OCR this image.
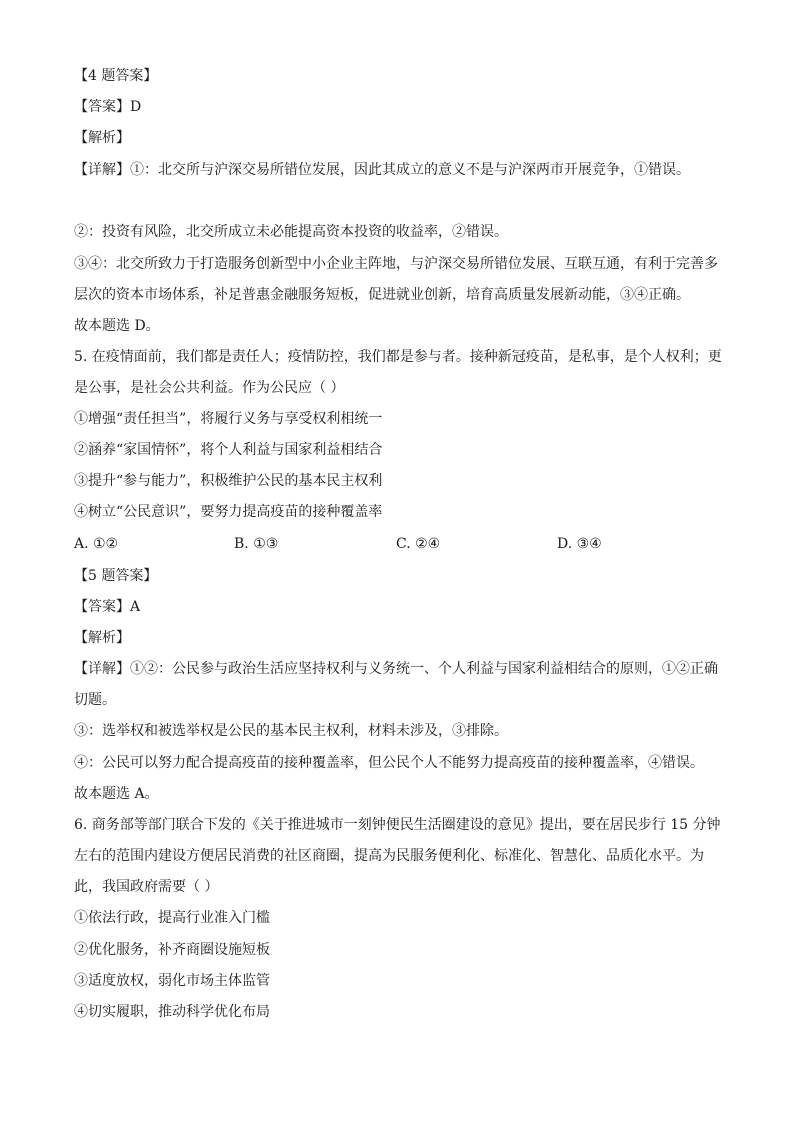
【4 题答案】
【答案】D
【解析】
【详解】①：北交所与沪深交易所错位发展，因此其成立的意义不是与沪深两市开展竞争，①错误。
②：投资有风险，北交所成立未必能提高资本投资的收益率，②错误。
③④：北交所致力于打造服务创新型中小企业主阵地，与沪深交易所错位发展、互联互通，有利于完善多
层次的资本市场体系，补足普惠金融服务短板，促进就业创新，培育高质量发展新动能，③④正确。
故本题选 D。
5. 在疫情面前，我们都是责任人；疫情防控，我们都是参与者。接种新冠疫苗，是私事，是个人权利；更
是公事，是社会公共利益。作为公民应（ ）
①增强“责任担当”，将履行义务与享受权利相统一
②涵养“家国情怀”，将个人利益与国家利益相结合
③提升“参与能力”，积极维护公民的基本民主权利
④树立“公民意识”，要努力提高疫苗的接种覆盖率
A. ①②	B. ①③	C. ②④	D. ③④
【5 题答案】
【答案】A
【解析】
【详解】①②：公民参与政治生活应坚持权利与义务统一、个人利益与国家利益相结合的原则，①②正确
切题。
③：选举权和被选举权是公民的基本民主权利，材料未涉及，③排除。
④：公民可以努力配合提高疫苗的接种覆盖率，但公民个人不能努力提高疫苗的接种覆盖率，④错误。
故本题选 A。
6. 商务部等部门联合下发的《关于推进城市一刻钟便民生活圈建设的意见》提出，要在居民步行 15 分钟
左右的范围内建设方便居民消费的社区商圈，提高为民服务便利化、标准化、智慧化、品质化水平。为
此，我国政府需要（ ）
①依法行政，提高行业准入门槛
②优化服务，补齐商圈设施短板
③适度放权，弱化市场主体监管
④切实履职，推动科学优化布局
